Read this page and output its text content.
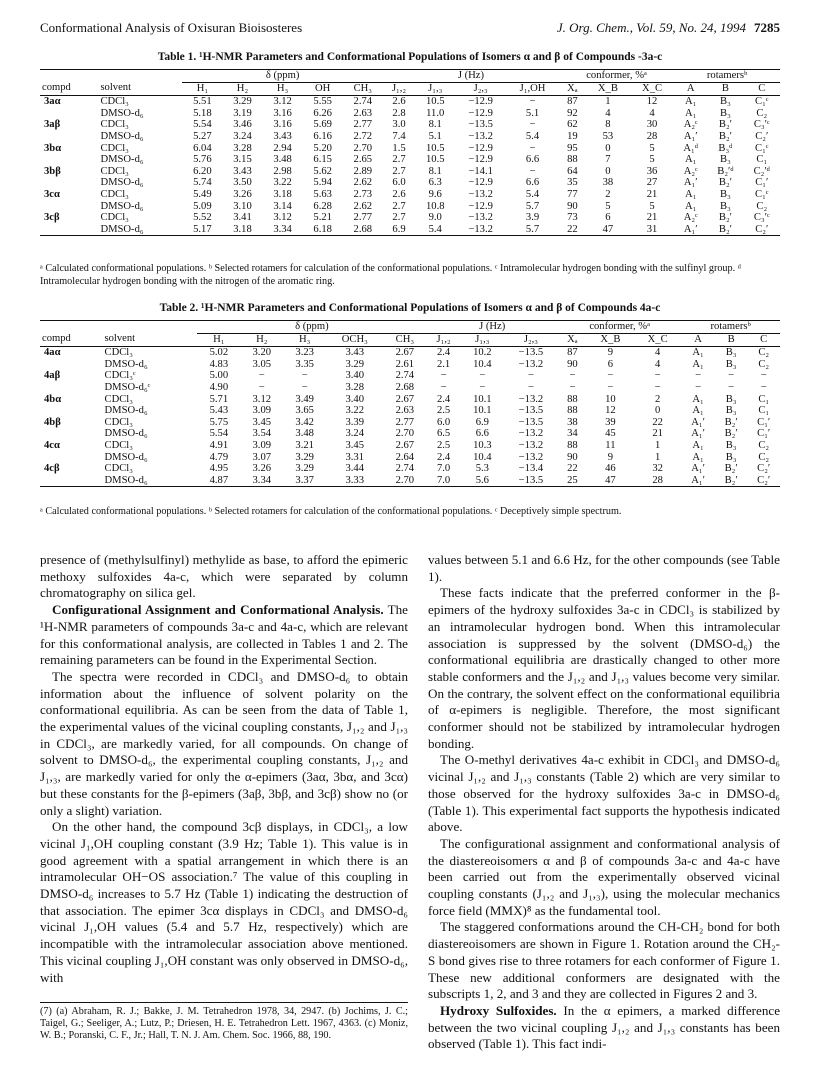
Conformational Analysis of Oxisuran Bioisosteres	J. Org. Chem., Vol. 59, No. 24, 1994 7285
Table 1. ¹H-NMR Parameters and Conformational Populations of Isomers α and β of Compounds -3a-c
		δ (ppm)					J (Hz)				conformer, %ᵃ			rotamersᵇ		
compd	solvent	H₁	H₂	H₃	OH	CH₃	J₁,₂	J₁,₃	J₂,₃	J₁,OH	Xₐ	X_B	X_C	A	B	C
3aα	CDCl₃	5.51	3.29	3.12	5.55	2.74	2.6	10.5	−12.9	−	87	1	12	A₁	B₃	C₁ᶜ
	DMSO-d₆	5.18	3.19	3.16	6.26	2.63	2.8	11.0	−12.9	5.1	92	4	4	A₁	B₃	C₂
3aβ	CDCl₃	5.54	3.46	3.16	5.69	2.77	3.0	8.1	−13.5	−	62	8	30	A₂ᶜ	B₂′	C₃′ᶜ
	DMSO-d₆	5.27	3.24	3.43	6.16	2.72	7.4	5.1	−13.2	5.4	19	53	28	A₁′	B₂′	C₂′
3bα	CDCl₃	6.04	3.28	2.94	5.20	2.70	1.5	10.5	−12.9	−	95	0	5	A₁ᵈ	B₃ᵈ	C₁ᶜ
	DMSO-d₆	5.76	3.15	3.48	6.15	2.65	2.7	10.5	−12.9	6.6	88	7	5	A₁	B₃	C₁
3bβ	CDCl₃	6.20	3.43	2.98	5.62	2.89	2.7	8.1	−14.1	−	64	0	36	A₂ᶜ	B₂′ᵈ	C₂′ᵈ
	DMSO-d₆	5.74	3.50	3.22	5.94	2.62	6.0	6.3	−12.9	6.6	35	38	27	A₁′	B₂′	C₁′
3cα	CDCl₃	5.49	3.26	3.18	5.63	2.73	2.6	9.6	−13.2	5.4	77	2	21	A₁	B₃	C₁ᶜ
	DMSO-d₆	5.09	3.10	3.14	6.28	2.62	2.7	10.8	−12.9	5.7	90	5	5	A₁	B₃	C₂
3cβ	CDCl₃	5.52	3.41	3.12	5.21	2.77	2.7	9.0	−13.2	3.9	73	6	21	A₂ᶜ	B₂′	C₃′ᶜ
	DMSO-d₆	5.17	3.18	3.34	6.18	2.68	6.9	5.4	−13.2	5.7	22	47	31	A₁′	B₂′	C₂′
ᵃ Calculated conformational populations. ᵇ Selected rotamers for calculation of the conformational populations. ᶜ Intramolecular hydrogen bonding with the sulfinyl group. ᵈ Intramolecular hydrogen bonding with the nitrogen of the aromatic ring.
Table 2. ¹H-NMR Parameters and Conformational Populations of Isomers α and β of Compounds 4a-c
		δ (ppm)					J (Hz)			conformer, %ᵃ			rotamersᵇ		
compd	solvent	H₁	H₂	H₃	OCH₃	CH₃	J₁,₂	J₁,₃	J₂,₃	Xₐ	X_B	X_C	A	B	C
4aα	CDCl₃	5.02	3.20	3.23	3.43	2.67	2.4	10.2	−13.5	87	9	4	A₁	B₃	C₂
	DMSO-d₆	4.83	3.05	3.35	3.29	2.61	2.1	10.4	−13.2	90	6	4	A₁	B₃	C₂
4aβ	CDCl₃ᶜ	5.00	−	−	3.40	2.74	−	−	−	−	−	−	−	−	−
	DMSO-d₆ᶜ	4.90	−	−	3.28	2.68	−	−	−	−	−	−	−	−	−
4bα	CDCl₃	5.71	3.12	3.49	3.40	2.67	2.4	10.1	−13.2	88	10	2	A₁	B₃	C₁
	DMSO-d₆	5.43	3.09	3.65	3.22	2.63	2.5	10.1	−13.5	88	12	0	A₁	B₃	C₁
4bβ	CDCl₃	5.75	3.45	3.42	3.39	2.77	6.0	6.9	−13.5	38	39	22	A₁′	B₂′	C₁′
	DMSO-d₆	5.54	3.54	3.48	3.24	2.70	6.5	6.6	−13.2	34	45	21	A₁′	B₂′	C₁′
4cα	CDCl₃	4.91	3.09	3.21	3.45	2.67	2.5	10.3	−13.2	88	11	1	A₁	B₃	C₂
	DMSO-d₆	4.79	3.07	3.29	3.31	2.64	2.4	10.4	−13.2	90	9	1	A₁	B₃	C₂
4cβ	CDCl₃	4.95	3.26	3.29	3.44	2.74	7.0	5.3	−13.4	22	46	32	A₁′	B₂′	C₂′
	DMSO-d₆	4.87	3.34	3.37	3.33	2.70	7.0	5.6	−13.5	25	47	28	A₁′	B₂′	C₂′
ᵃ Calculated conformational populations. ᵇ Selected rotamers for calculation of the conformational populations. ᶜ Deceptively simple spectrum.

presence of (methylsulfinyl) methylide as base, to afford the epimeric methoxy sulfoxides 4a-c, which were separated by column chromatography on silica gel.

Configurational Assignment and Conformational Analysis. The ¹H-NMR parameters of compounds 3a-c and 4a-c, which are relevant for this conformational analysis, are collected in Tables 1 and 2. The remaining parameters can be found in the Experimental Section.

The spectra were recorded in CDCl₃ and DMSO-d₆ to obtain information about the influence of solvent polarity on the conformational equilibria. As can be seen from the data of Table 1, the experimental values of the vicinal coupling constants, J₁,₂ and J₁,₃ in CDCl₃, are markedly varied, for all compounds. On change of solvent to DMSO-d₆, the experimental coupling constants, J₁,₂ and J₁,₃, are markedly varied for only the α-epimers (3aα, 3bα, and 3cα) but these constants for the β-epimers (3aβ, 3bβ, and 3cβ) show no (or only a slight) variation.

On the other hand, the compound 3cβ displays, in CDCl₃, a low vicinal J₁,OH coupling constant (3.9 Hz; Table 1). This value is in good agreement with a spatial arrangement in which there is an intramolecular OH−OS association.⁷ The value of this coupling in DMSO-d₆ increases to 5.7 Hz (Table 1) indicating the destruction of that association. The epimer 3cα displays in CDCl₃ and DMSO-d₆ vicinal J₁,OH values (5.4 and 5.7 Hz, respectively) which are incompatible with the intramolecular association above mentioned. This vicinal coupling J₁,OH constant was only observed in DMSO-d₆, with

(7) (a) Abraham, R. J.; Bakke, J. M. Tetrahedron 1978, 34, 2947. (b) Jochims, J. C.; Taigel, G.; Seeliger, A.; Lutz, P.; Driesen, H. E. Tetrahedron Lett. 1967, 4363. (c) Moniz, W. B.; Poranski, C. F., Jr.; Hall, T. N. J. Am. Chem. Soc. 1966, 88, 190.

values between 5.1 and 6.6 Hz, for the other compounds (see Table 1).

These facts indicate that the preferred conformer in the β-epimers of the hydroxy sulfoxides 3a-c in CDCl₃ is stabilized by an intramolecular hydrogen bond. When this intramolecular association is suppressed by the solvent (DMSO-d₆) the conformational equilibria are drastically changed to other more stable conformers and the J₁,₂ and J₁,₃ values become very similar. On the contrary, the solvent effect on the conformational equilibria of α-epimers is negligible. Therefore, the most significant conformer should not be stabilized by intramolecular hydrogen bonding.

The O-methyl derivatives 4a-c exhibit in CDCl₃ and DMSO-d₆ vicinal J₁,₂ and J₁,₃ constants (Table 2) which are very similar to those observed for the hydroxy sulfoxides 3a-c in DMSO-d₆ (Table 1). This experimental fact supports the hypothesis indicated above.

The configurational assignment and conformational analysis of the diastereoisomers α and β of compounds 3a-c and 4a-c have been carried out from the experimentally observed vicinal coupling constants (J₁,₂ and J₁,₃), using the molecular mechanics force field (MMX)⁸ as the fundamental tool.

The staggered conformations around the CH-CH₂ bond for both diastereoisomers are shown in Figure 1. Rotation around the CH₂-S bond gives rise to three rotamers for each conformer of Figure 1. These new additional conformers are designated with the subscripts 1, 2, and 3 and they are collected in Figures 2 and 3.

Hydroxy Sulfoxides. In the α epimers, a marked difference between the two vicinal coupling J₁,₂ and J₁,₃ constants has been observed (Table 1). This fact indi-
